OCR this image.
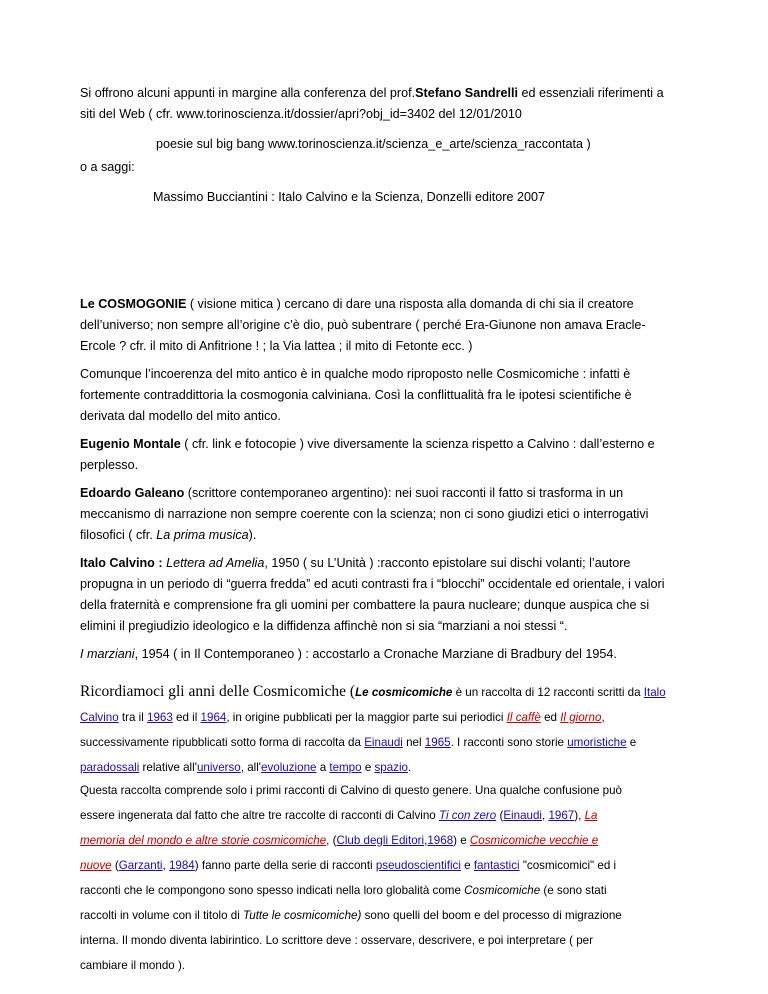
Si offrono alcuni appunti in margine alla conferenza del prof.Stefano Sandrelli ed essenziali riferimenti a
siti del Web ( cfr. www.torinoscienza.it/dossier/apri?obj_id=3402 del 12/01/2010
poesie sul big bang www.torinoscienza.it/scienza_e_arte/scienza_raccontata )
o a saggi:
Massimo Bucciantini : Italo Calvino e la Scienza, Donzelli editore 2007
Le COSMOGONIE ( visione mitica ) cercano di dare una risposta alla domanda di chi sia il creatore
dell’universo; non sempre all’origine c’è dio, può subentrare ( perché Era-Giunone non amava Eracle-
Ercole ? cfr. il mito di Anfitrione ! ; la Via lattea ; il mito di Fetonte ecc. )
Comunque l’incoerenza del mito antico è in qualche modo riproposto nelle Cosmicomiche : infatti è
fortemente contraddittoria la cosmogonia calviniana. Così la conflittualità fra le ipotesi scientifiche è
derivata dal modello del mito antico.
Eugenio Montale ( cfr. link e fotocopie ) vive diversamente la scienza rispetto a Calvino : dall’esterno e
perplesso.
Edoardo Galeano (scrittore contemporaneo argentino): nei suoi racconti il fatto si trasforma in un
meccanismo di narrazione non sempre coerente con la scienza; non ci sono giudizi etici o interrogativi
filosofici ( cfr. La prima musica).
Italo Calvino : Lettera ad Amelia, 1950 ( su L’Unità ) :racconto epistolare sui dischi volanti; l’autore
propugna in un periodo di “guerra fredda” ed acuti contrasti fra i “blocchi” occidentale ed orientale, i valori
della fraternità e comprensione fra gli uomini per combattere la paura nucleare; dunque auspica che si
elimini il pregiudizio ideologico e la diffidenza affinchè non si sia “marziani a noi stessi “.
I marziani, 1954 ( in Il Contemporaneo ) : accostarlo a Cronache Marziane di Bradbury del 1954.
Ricordiamoci gli anni delle Cosmicomiche (Le cosmicomiche è un raccolta di 12 racconti scritti da Italo
Calvino tra il 1963 ed il 1964, in origine pubblicati per la maggior parte sui periodici Il caffè ed Il giorno,
successivamente ripubblicati sotto forma di raccolta da Einaudi nel 1965. I racconti sono storie umoristiche e
paradossali relative all'universo, all'evoluzione a tempo e spazio.
Questa raccolta comprende solo i primi racconti di Calvino di questo genere. Una qualche confusione può
essere ingenerata dal fatto che altre tre raccolte di racconti di Calvino Ti con zero (Einaudi, 1967), La
memoria del mondo e altre storie cosmicomiche, (Club degli Editori,1968) e Cosmicomiche vecchie e
nuove (Garzanti, 1984) fanno parte della serie di racconti pseudoscientifici e fantastici "cosmicomici" ed i
racconti che le compongono sono spesso indicati nella loro globalità come Cosmicomiche (e sono stati
raccolti in volume con il titolo di Tutte le cosmicomiche) sono quelli del boom e del processo di migrazione
interna. Il mondo diventa labirintico. Lo scrittore deve : osservare, descrivere, e poi interpretare ( per
cambiare il mondo ).
